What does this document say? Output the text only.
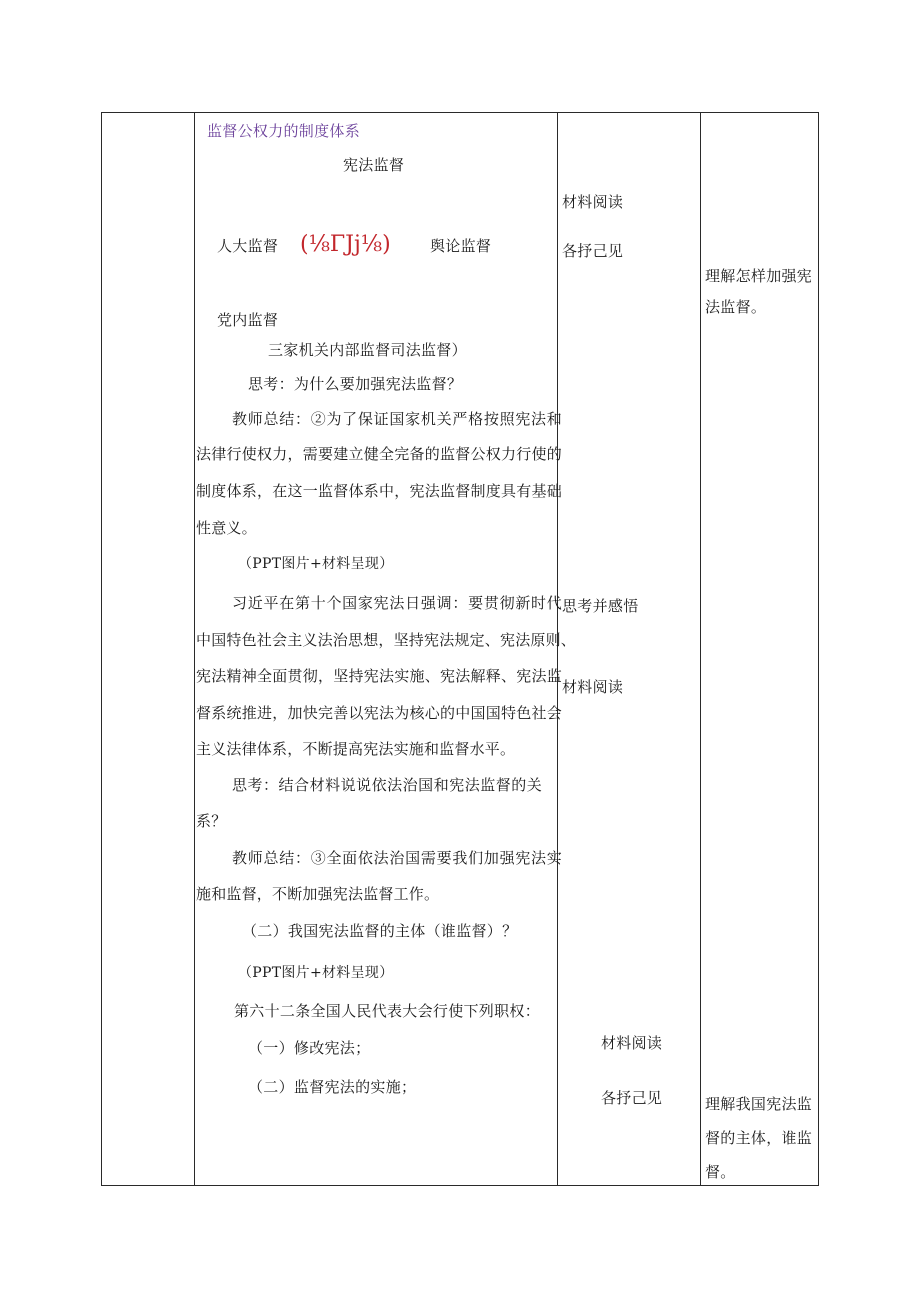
监督公权力的制度体系
宪法监督
人大监督 (⅛ΓJj⅛)	舆论监督
党内监督
三家机关内部监督司法监督）
思考：为什么要加强宪法监督？
教师总结：②为了保证国家机关严格按照宪法和
法律行使权力，需要建立健全完备的监督公权力行使的
制度体系，在这一监督体系中，宪法监督制度具有基础
性意义。
（PPT图片+材料呈现）
习近平在第十个国家宪法日强调：要贯彻新时代
中国特色社会主义法治思想，坚持宪法规定、宪法原则、
宪法精神全面贯彻，坚持宪法实施、宪法解释、宪法监
督系统推进，加快完善以宪法为核心的中国国特色社会
主义法律体系，不断提高宪法实施和监督水平。
思考：结合材料说说依法治国和宪法监督的关
系？
教师总结：③全面依法治国需要我们加强宪法实
施和监督，不断加强宪法监督工作。
（二）我国宪法监督的主体（谁监督）？
（PPT图片+材料呈现）
第六十二条全国人民代表大会行使下列职权：
（一）修改宪法；
（二）监督宪法的实施；
材料阅读
各抒己见
思考并感悟
材料阅读
材料阅读
各抒己见
理解怎样加强宪
法监督。
理解我国宪法监
督的主体，谁监
督。
